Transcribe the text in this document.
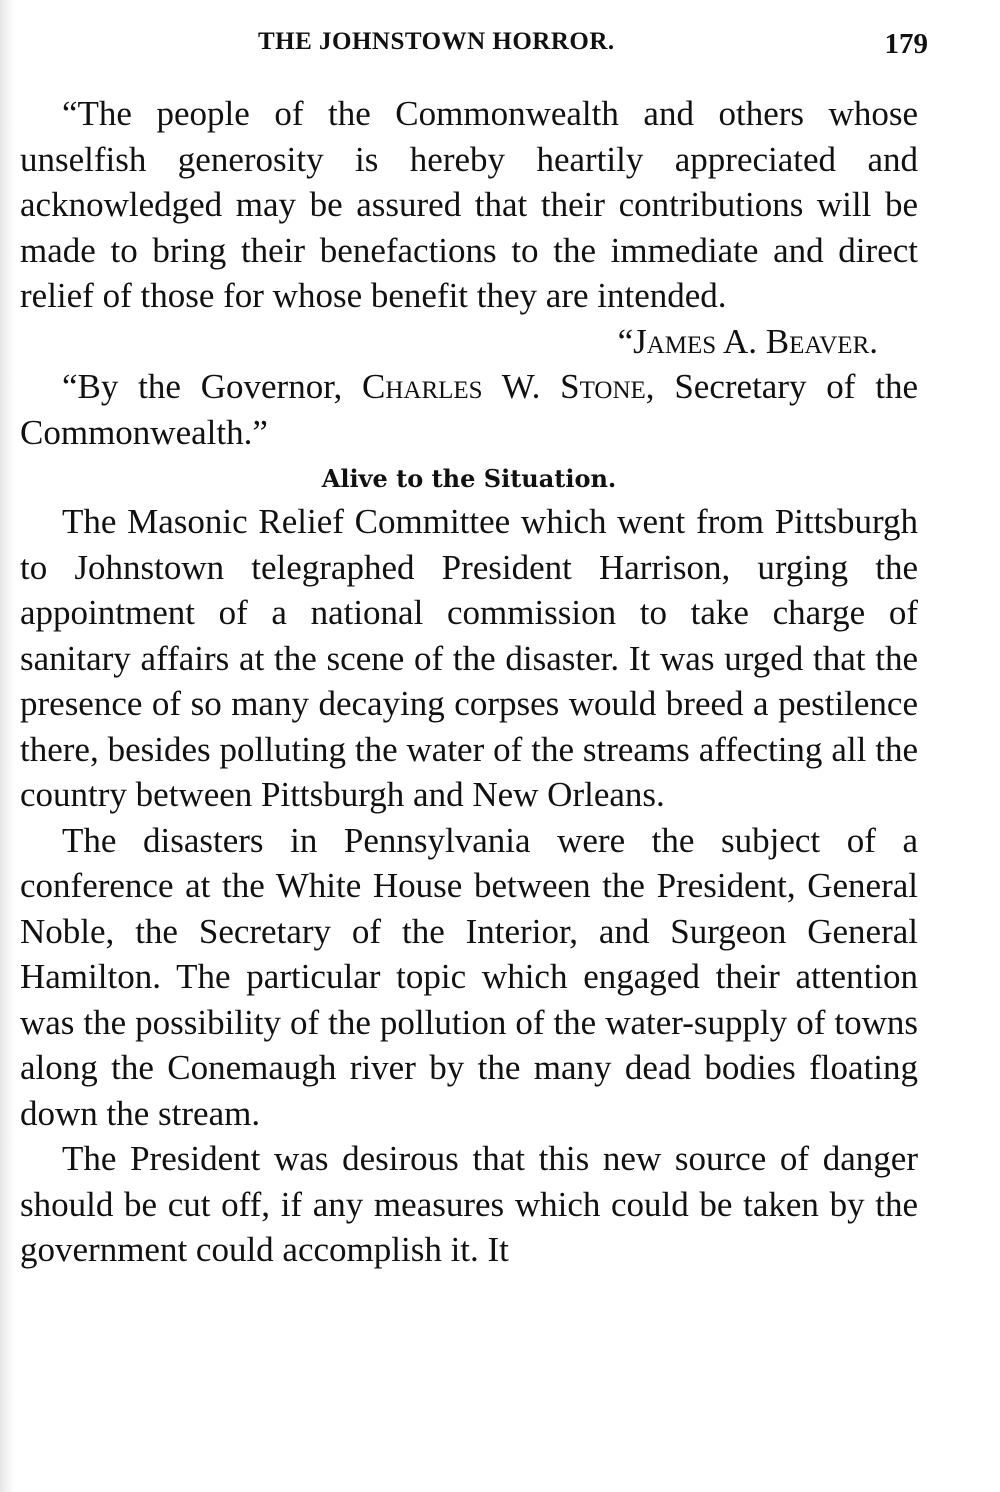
THE JOHNSTOWN HORROR.	179

“The people of the Commonwealth and others whose unselfish generosity is hereby heartily appreciated and acknowledged may be assured that their contributions will be made to bring their benefactions to the immediate and direct relief of those for whose benefit they are intended.

“James A. Beaver.

“By the Governor, Charles W. Stone, Secretary of the Commonwealth.”

Alive to the Situation.

The Masonic Relief Committee which went from Pittsburgh to Johnstown telegraphed President Harrison, urging the appointment of a national commission to take charge of sanitary affairs at the scene of the disaster. It was urged that the presence of so many decaying corpses would breed a pestilence there, besides polluting the water of the streams affecting all the country between Pittsburgh and New Orleans.

The disasters in Pennsylvania were the subject of a conference at the White House between the President, General Noble, the Secretary of the Interior, and Surgeon General Hamilton. The particular topic which engaged their attention was the possibility of the pollution of the water-supply of towns along the Conemaugh river by the many dead bodies floating down the stream.

The President was desirous that this new source of danger should be cut off, if any measures which could be taken by the government could accomplish it. It
